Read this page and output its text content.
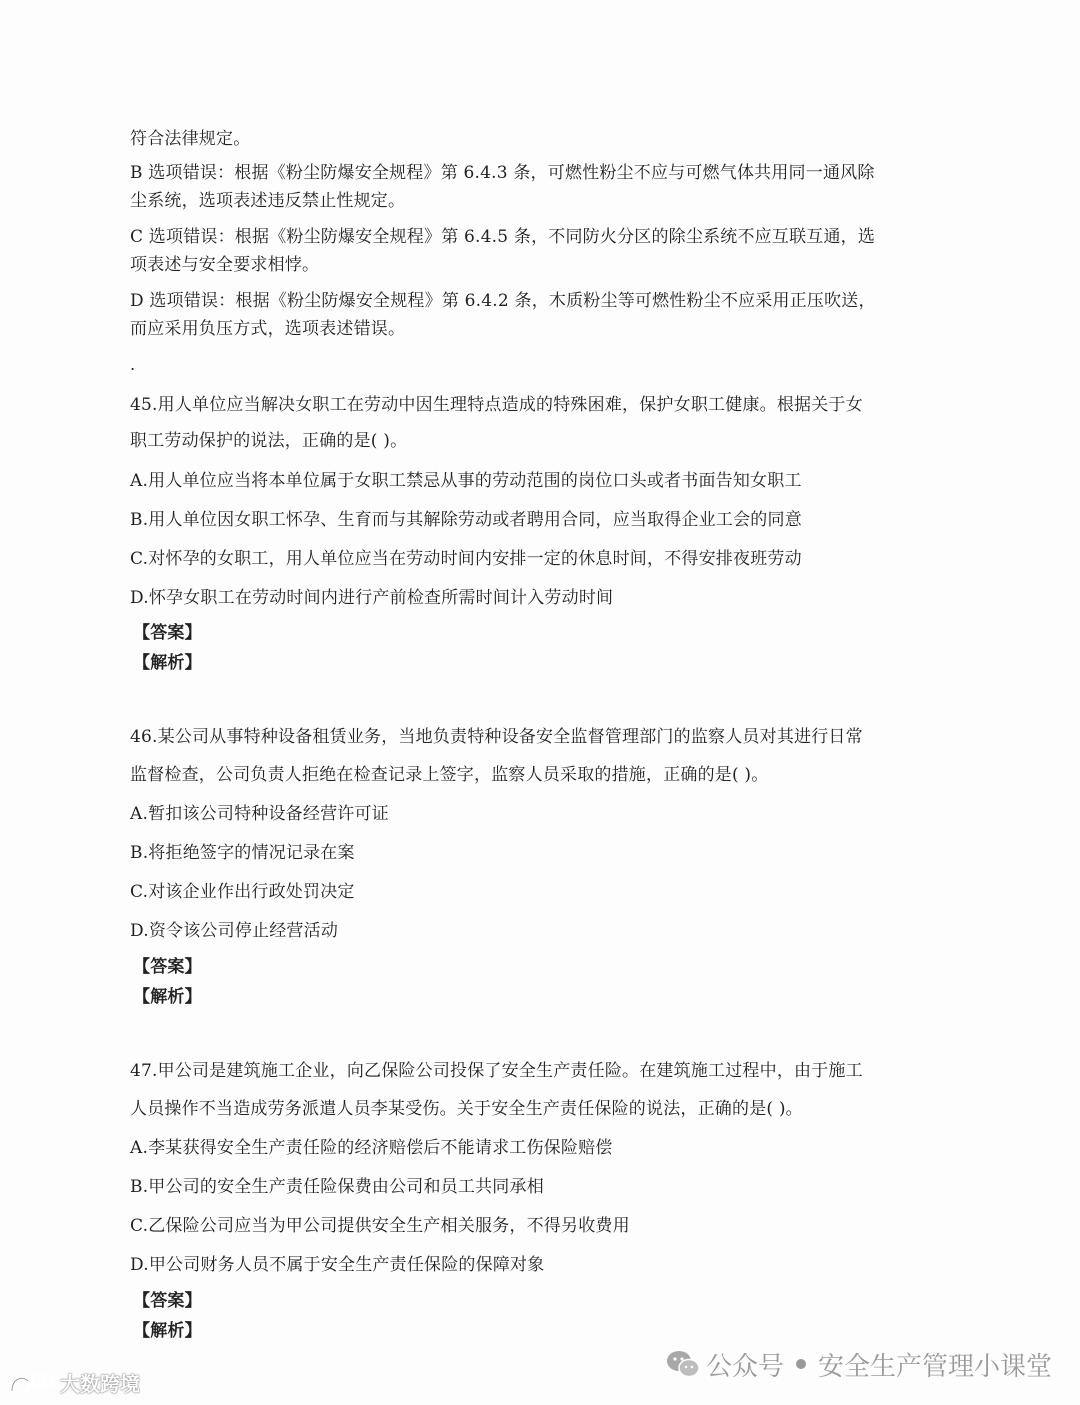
符合法律规定。
B 选项错误：根据《粉尘防爆安全规程》第 6.4.3 条，可燃性粉尘不应与可燃气体共用同一通风除
尘系统，选项表述违反禁止性规定。
C 选项错误：根据《粉尘防爆安全规程》第 6.4.5 条，不同防火分区的除尘系统不应互联互通，选
项表述与安全要求相悖。
D 选项错误：根据《粉尘防爆安全规程》第 6.4.2 条，木质粉尘等可燃性粉尘不应采用正压吹送，
而应采用负压方式，选项表述错误。
.
45.用人单位应当解决女职工在劳动中因生理特点造成的特殊困难，保护女职工健康。根据关于女
职工劳动保护的说法，正确的是( )。
A.用人单位应当将本单位属于女职工禁忌从事的劳动范围的岗位口头或者书面告知女职工
B.用人单位因女职工怀孕、生育而与其解除劳动或者聘用合同，应当取得企业工会的同意
C.对怀孕的女职工，用人单位应当在劳动时间内安排一定的休息时间，不得安排夜班劳动
D.怀孕女职工在劳动时间内进行产前检查所需时间计入劳动时间
【答案】
【解析】
46.某公司从事特种设备租赁业务，当地负责特种设备安全监督管理部门的监察人员对其进行日常
监督检查，公司负责人拒绝在检查记录上签字，监察人员采取的措施，正确的是( )。
A.暂扣该公司特种设备经营许可证
B.将拒绝签字的情况记录在案
C.对该企业作出行政处罚决定
D.资令该公司停止经营活动
【答案】
【解析】
47.甲公司是建筑施工企业，向乙保险公司投保了安全生产责任险。在建筑施工过程中，由于施工
人员操作不当造成劳务派遣人员李某受伤。关于安全生产责任保险的说法，正确的是( )。
A.李某获得安全生产责任险的经济赔偿后不能请求工伤保险赔偿
B.甲公司的安全生产责任险保费由公司和员工共同承相
C.乙保险公司应当为甲公司提供安全生产相关服务，不得另收费用
D.甲公司财务人员不属于安全生产责任保险的保障对象
【答案】
【解析】
公众号 安全生产管理小课堂
大数跨境
